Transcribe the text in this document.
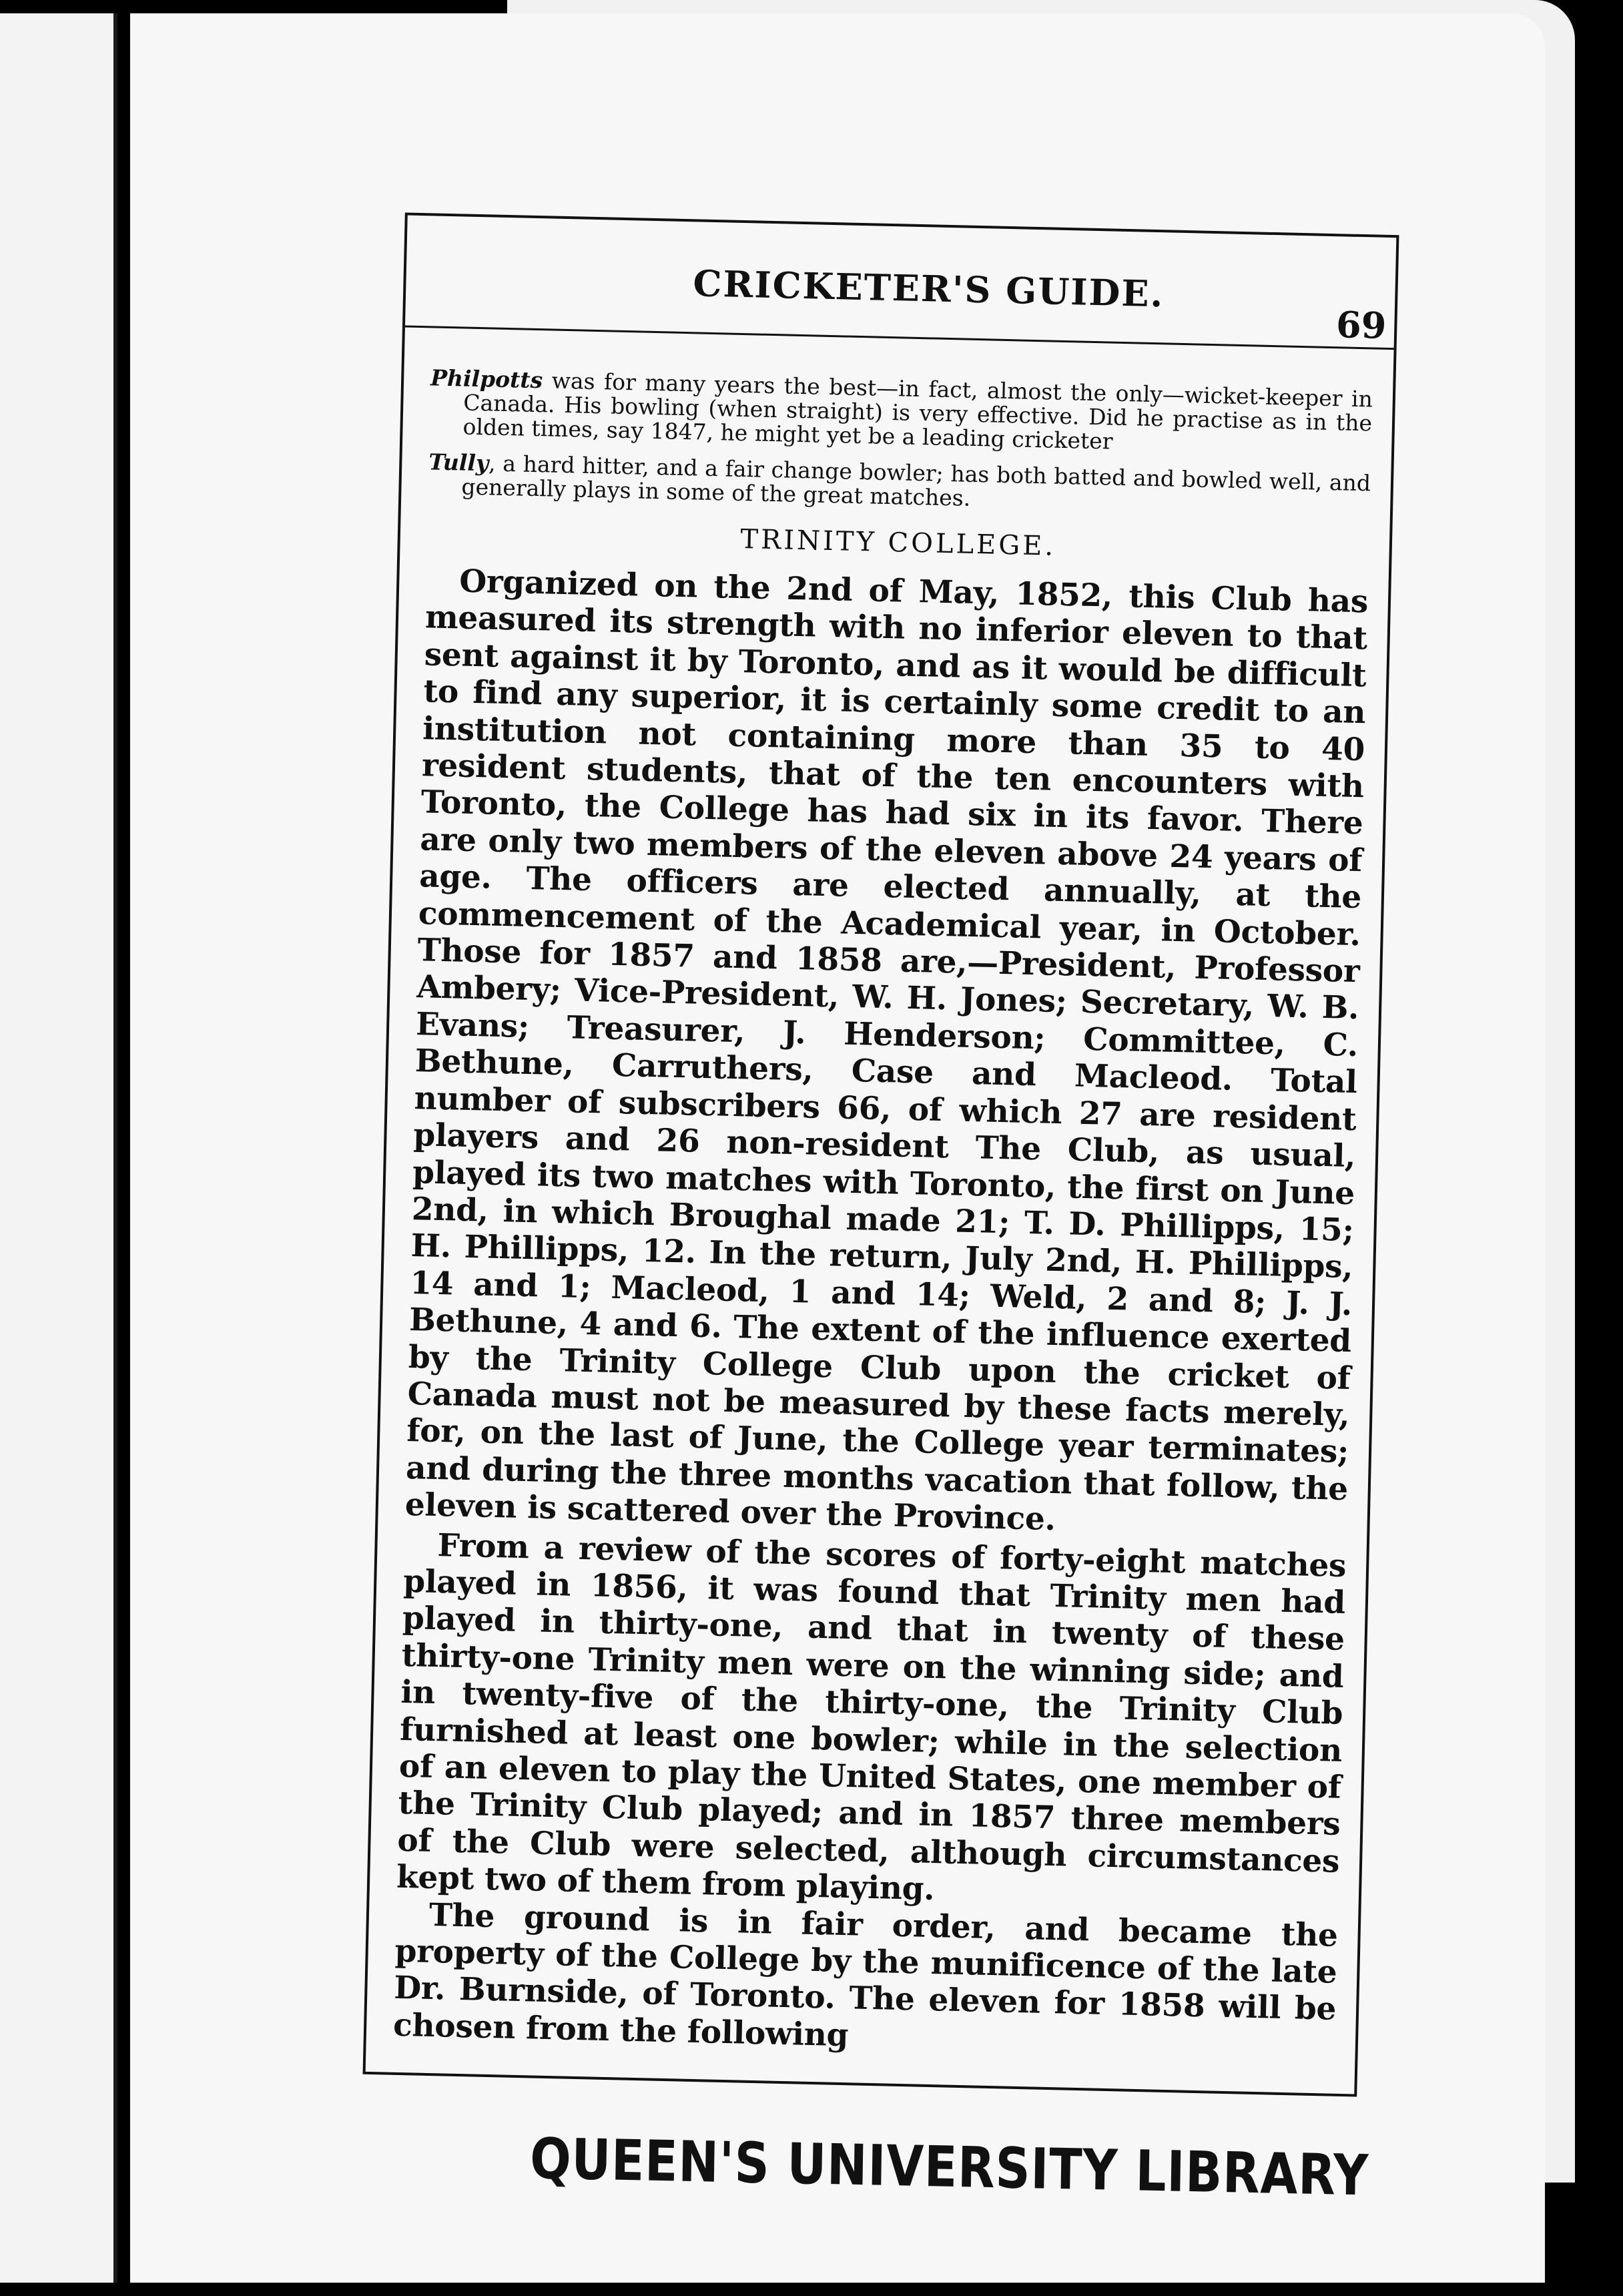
CRICKETER'S GUIDE.
69

Philpotts was for many years the best—in fact, almost the only—wicket-keeper in Canada. His bowling (when straight) is very effective. Did he practise as in the olden times, say 1847, he might yet be a leading cricketer

Tully, a hard hitter, and a fair change bowler; has both batted and bowled well, and generally plays in some of the great matches.

TRINITY COLLEGE.

Organized on the 2nd of May, 1852, this Club has measured its strength with no inferior eleven to that sent against it by Toronto, and as it would be difficult to find any superior, it is certainly some credit to an institution not containing more than 35 to 40 resident students, that of the ten encounters with Toronto, the College has had six in its favor. There are only two members of the eleven above 24 years of age. The officers are elected annually, at the commencement of the Academical year, in October. Those for 1857 and 1858 are,—President, Professor Ambery; Vice-President, W. H. Jones; Secretary, W. B. Evans; Treasurer, J. Henderson; Committee, C. Bethune, Carruthers, Case and Macleod. Total number of subscribers 66, of which 27 are resident players and 26 non-resident The Club, as usual, played its two matches with Toronto, the first on June 2nd, in which Broughal made 21; T. D. Phillipps, 15; H. Phillipps, 12. In the return, July 2nd, H. Phillipps, 14 and 1; Macleod, 1 and 14; Weld, 2 and 8; J. J. Bethune, 4 and 6. The extent of the influence exerted by the Trinity College Club upon the cricket of Canada must not be measured by these facts merely, for, on the last of June, the College year terminates; and during the three months vacation that follow, the eleven is scattered over the Province.

From a review of the scores of forty-eight matches played in 1856, it was found that Trinity men had played in thirty-one, and that in twenty of these thirty-one Trinity men were on the winning side; and in twenty-five of the thirty-one, the Trinity Club furnished at least one bowler; while in the selection of an eleven to play the United States, one member of the Trinity Club played; and in 1857 three members of the Club were selected, although circumstances kept two of them from playing.

The ground is in fair order, and became the property of the College by the munificence of the late Dr. Burnside, of Toronto. The eleven for 1858 will be chosen from the following

QUEEN'S UNIVERSITY LIBRARY
